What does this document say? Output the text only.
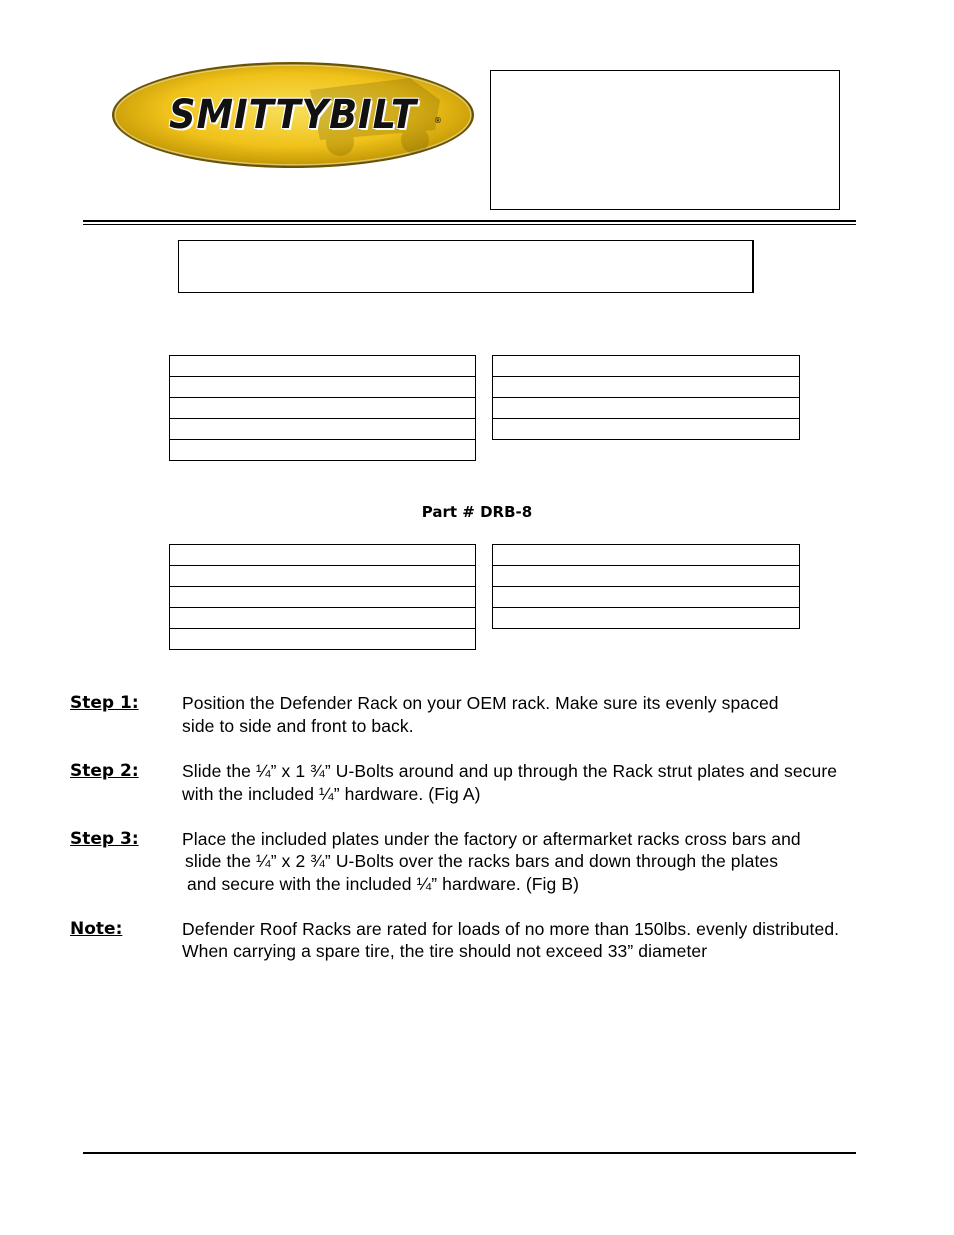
SMITTYBILT	®

Part # DRB-8

Step 1: Position the Defender Rack on your OEM rack. Make sure its evenly spaced
side to side and front to back.
Step 2: Slide the ¼” x 1 ¾” U-Bolts around and up through the Rack strut plates and secure
with the included ¼” hardware. (Fig A)
Step 3: Place the included plates under the factory or aftermarket racks cross bars and
slide the ¼” x 2 ¾” U-Bolts over the racks bars and down through the plates
and secure with the included ¼” hardware. (Fig B)
Note:	Defender Roof Racks are rated for loads of no more than 150lbs. evenly distributed.
When carrying a spare tire, the tire should not exceed 33” diameter
